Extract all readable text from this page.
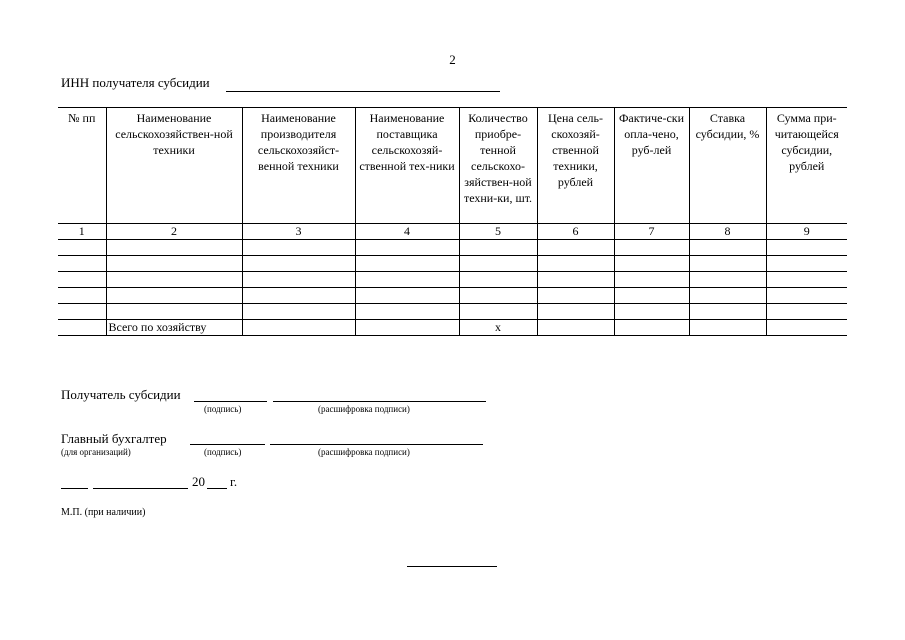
2
ИНН получателя субсидии
№ пп	Наименование сельскохозяйствен-ной техники	Наименование производителя сельскохозяйст-венной техники	Наименование поставщика сельскохозяй-ственной тех-ники	Количество приобре-тенной сельскохо-зяйствен-ной техни-ки, шт.	Цена сель-скохозяй-ственной техники, рублей	Фактиче-ски опла-чено, руб-лей	Ставка субсидии, %	Сумма при-читающейся субсидии, рублей
1	2	3	4	5	6	7	8	9

	Всего по хозяйству			х				
Получатель субсидии
(подпись)	(расшифровка подписи)
Главный бухгалтер
(для организаций)	(подпись)	(расшифровка подписи)
20 г.
М.П. (при наличии)
